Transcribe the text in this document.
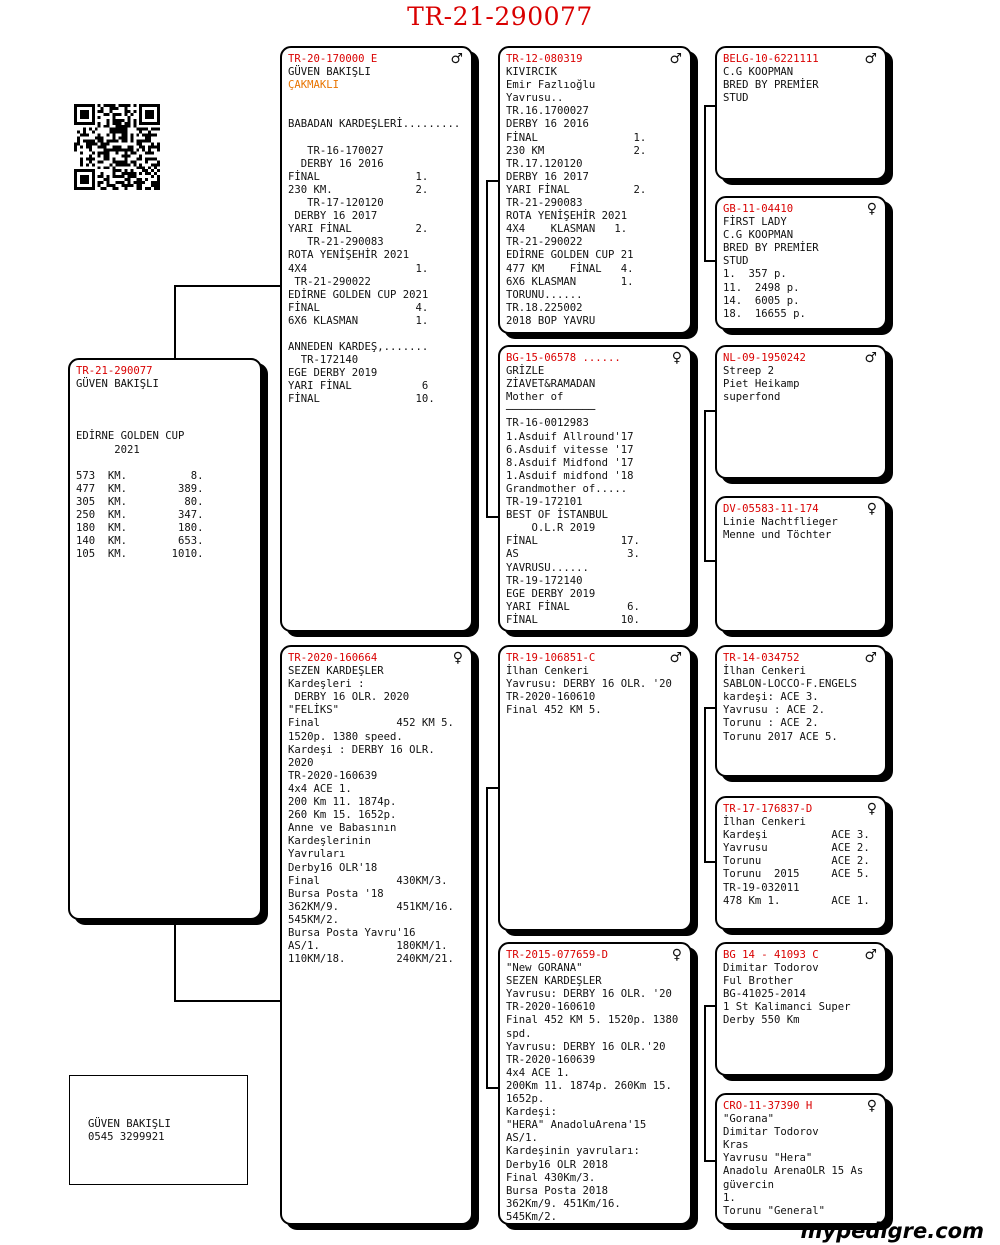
TR-21-290077
TR-21-290077
GÜVEN BAKIŞLI

EDİRNE GOLDEN CUP
2021

573  KM.          8.
477  KM.        389.
305  KM.         80.
250  KM.        347.
180  KM.        180.
140  KM.        653.
105  KM.       1010.
♂
TR-20-170000 E
GÜVEN BAKIŞLI
ÇAKMAKLI

BABADAN KARDEŞLERİ.........

TR-16-170027
DERBY 16 2016
FİNAL               1.
230 KM.             2.
TR-17-120120
DERBY 16 2017
YARI FİNAL          2.
TR-21-290083
ROTA YENİŞEHİR 2021
4X4                 1.
TR-21-290022
EDİRNE GOLDEN CUP 2021
FİNAL               4.
6X6 KLASMAN         1.

ANNEDEN KARDEŞ,.......
TR-172140
EGE DERBY 2019
YARI FİNAL           6
FİNAL               10.
♀
TR-2020-160664
SEZEN KARDEŞLER
Kardeşleri :
DERBY 16 OLR. 2020
"FELİKS"
Final            452 KM 5.
1520p. 1380 speed.
Kardeşi : DERBY 16 OLR.
2020
TR-2020-160639
4x4 ACE 1.
200 Km 11. 1874p.
260 Km 15. 1652p.
Anne ve Babasının
Kardeşlerinin
Yavruları
Derby16 OLR'18
Final            430KM/3.
Bursa Posta '18
362KM/9.         451KM/16.
545KM/2.
Bursa Posta Yavru'16
AS/1.            180KM/1.
110KM/18.        240KM/21.
♂
TR-12-080319
KIVIRCIK
Emir Fazlıoğlu
Yavrusu..
TR.16.1700027
DERBY 16 2016
FİNAL               1.
230 KM              2.
TR.17.120120
DERBY 16 2017
YARI FİNAL          2.
TR-21-290083
ROTA YENİŞEHİR 2021
4X4    KLASMAN   1.
TR-21-290022
EDİRNE GOLDEN CUP 21
477 KM    FİNAL   4.
6X6 KLASMAN       1.
TORUNU......
TR.18.225002
2018 BOP YAVRU
♀
BG-15-06578 ......
GRİZLE
ZİAVET&RAMADAN
Mother of
──────────────
TR-16-0012983
1.Asduif Allround'17
6.Asduif vitesse '17
8.Asduif Midfond '17
1.Asduif midfond '18
Grandmother of.....
TR-19-172101
BEST OF İSTANBUL
O.L.R 2019
FİNAL             17.
AS                 3.
YAVRUSU......
TR-19-172140
EGE DERBY 2019
YARI FİNAL         6.
FİNAL             10.
♂
TR-19-106851-C
İlhan Cenkeri
Yavrusu: DERBY 16 OLR. '20
TR-2020-160610
Final 452 KM 5.
♀
TR-2015-077659-D
"New GORANA"
SEZEN KARDEŞLER
Yavrusu: DERBY 16 OLR. '20
TR-2020-160610
Final 452 KM 5. 1520p. 1380
spd.
Yavrusu: DERBY 16 OLR.'20
TR-2020-160639
4x4 ACE 1.
200Km 11. 1874p. 260Km 15.
1652p.
Kardeşi:
"HERA" AnadoluArena'15
AS/1.
Kardeşinin yavruları:
Derby16 OLR 2018
Final 430Km/3.
Bursa Posta 2018
362Km/9. 451Km/16.
545Km/2.
♂
BELG-10-6221111
C.G KOOPMAN
BRED BY PREMİER
STUD
♀
GB-11-04410
FİRST LADY
C.G KOOPMAN
BRED BY PREMİER
STUD
1.  357 p.
11.  2498 p.
14.  6005 p.
18.  16655 p.
♂
NL-09-1950242
Streep 2
Piet Heikamp
superfond
♀
DV-05583-11-174
Linie Nachtflieger
Menne und Töchter
♂
TR-14-034752
İlhan Cenkeri
SABLON-LOCCO-F.ENGELS
kardeşi: ACE 3.
Yavrusu : ACE 2.
Torunu : ACE 2.
Torunu 2017 ACE 5.
♀
TR-17-176837-D
İlhan Cenkeri
Kardeşi          ACE 3.
Yavrusu          ACE 2.
Torunu           ACE 2.
Torunu  2015     ACE 5.
TR-19-032011
478 Km 1.        ACE 1.
♂
BG 14 - 41093 C
Dimitar Todorov
Ful Brother
BG-41025-2014
1 St Kalimanci Super
Derby 550 Km
♀
CRO-11-37390 H
"Gorana"
Dimitar Todorov
Kras
Yavrusu "Hera"
Anadolu ArenaOLR 15 As
güvercin
1.
Torunu "General"
GÜVEN BAKIŞLI
0545 3299921
mypedigre.com
